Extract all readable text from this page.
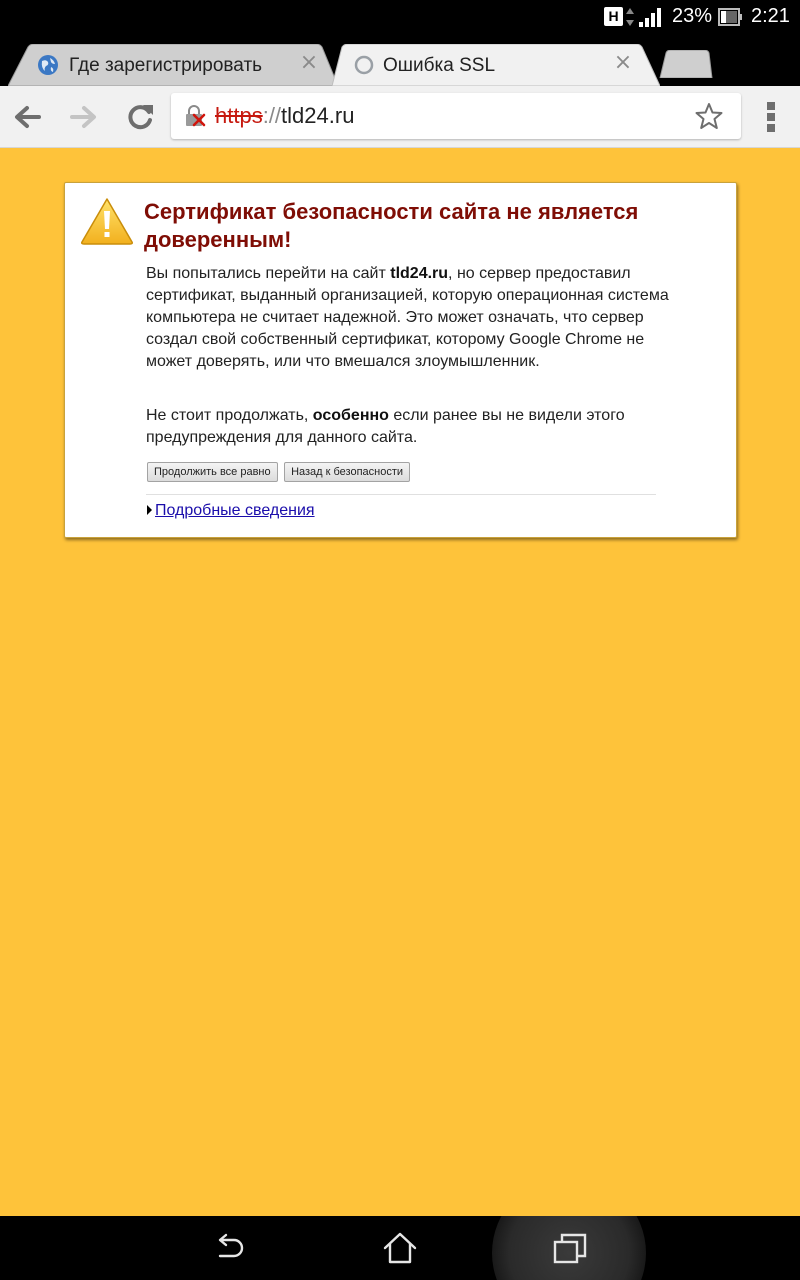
H	23% 2:21
Где зарегистрировать	×	Ошибка SSL	×
https://tld24.ru
Сертификат безопасности сайта не является доверенным!

Вы попытались перейти на сайт tld24.ru, но сервер предоставил сертификат, выданный организацией, которую операционная система компьютера не считает надежной. Это может означать, что сервер создал свой собственный сертификат, которому Google Chrome не может доверять, или что вмешался злоумышленник.

Не стоит продолжать, особенно если ранее вы не видели этого предупреждения для данного сайта.

Продолжить все равно Назад к безопасности
Подробные сведения
